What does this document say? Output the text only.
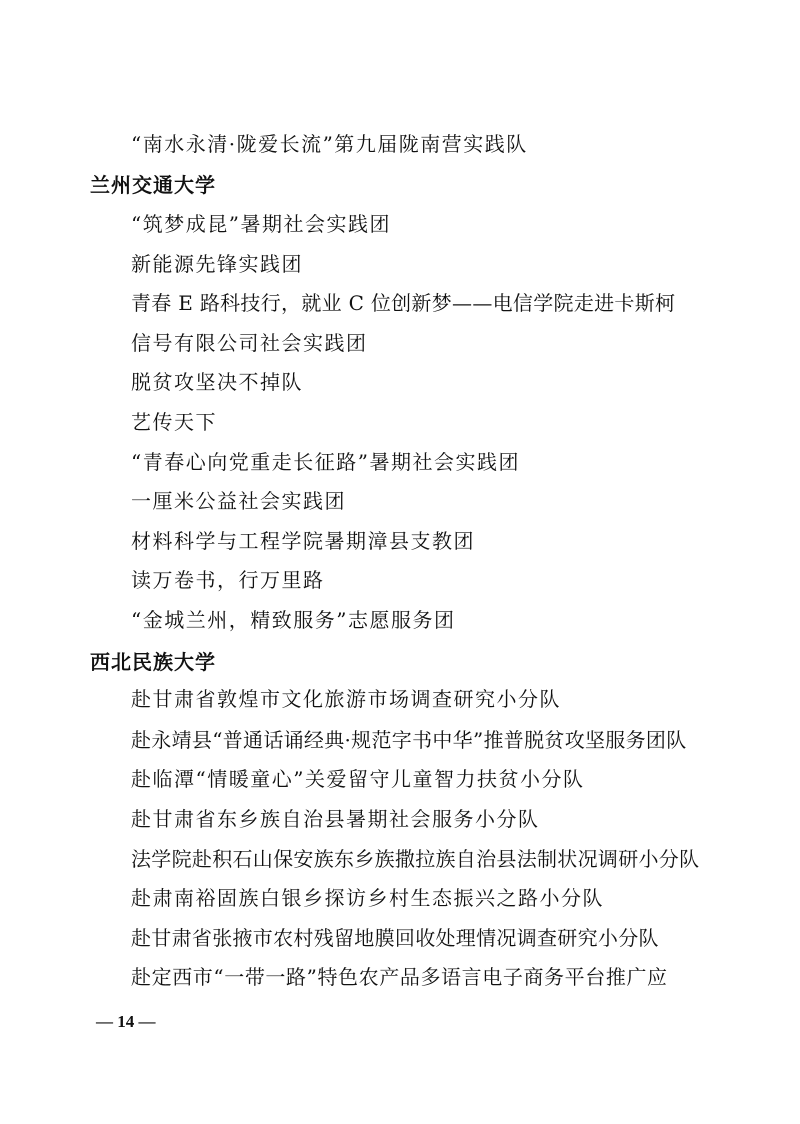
“南水永清·陇爱长流”第九届陇南营实践队
兰州交通大学
“筑梦成昆”暑期社会实践团
新能源先锋实践团
青春 E 路科技行，就业 C 位创新梦——电信学院走进卡斯柯
信号有限公司社会实践团
脱贫攻坚决不掉队
艺传天下
“青春心向党重走长征路”暑期社会实践团
一厘米公益社会实践团
材料科学与工程学院暑期漳县支教团
读万卷书，行万里路
“金城兰州，精致服务”志愿服务团
西北民族大学
赴甘肃省敦煌市文化旅游市场调查研究小分队
赴永靖县“普通话诵经典·规范字书中华”推普脱贫攻坚服务团队
赴临潭“情暖童心”关爱留守儿童智力扶贫小分队
赴甘肃省东乡族自治县暑期社会服务小分队
法学院赴积石山保安族东乡族撒拉族自治县法制状况调研小分队
赴肃南裕固族白银乡探访乡村生态振兴之路小分队
赴甘肃省张掖市农村残留地膜回收处理情况调查研究小分队
赴定西市“一带一路”特色农产品多语言电子商务平台推广应
— 14 —
